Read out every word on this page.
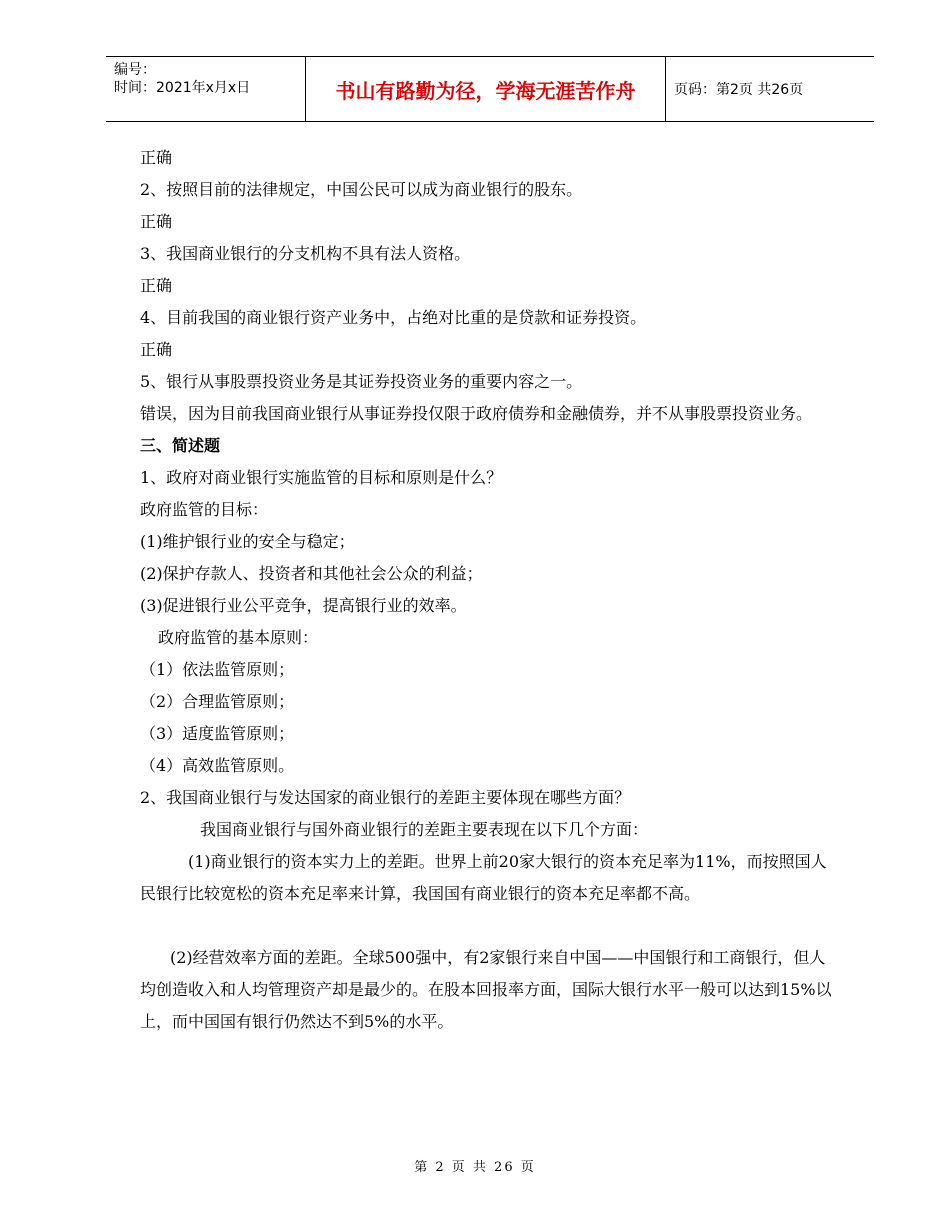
编号：
时间：2021年x月x日	书山有路勤为径，学海无涯苦作舟	页码：第2页 共26页

正确

2、按照目前的法律规定，中国公民可以成为商业银行的股东。

正确

3、我国商业银行的分支机构不具有法人资格。

正确

4、目前我国的商业银行资产业务中，占绝对比重的是贷款和证券投资。

正确

5、银行从事股票投资业务是其证券投资业务的重要内容之一。

错误，因为目前我国商业银行从事证券投仅限于政府债券和金融债券，并不从事股票投资业务。

三、简述题

1、政府对商业银行实施监管的目标和原则是什么？

政府监管的目标：

(1)维护银行业的安全与稳定；

(2)保护存款人、投资者和其他社会公众的利益；

(3)促进银行业公平竞争，提高银行业的效率。

政府监管的基本原则：

（1）依法监管原则；

（2）合理监管原则；

（3）适度监管原则；

（4）高效监管原则。

2、我国商业银行与发达国家的商业银行的差距主要体现在哪些方面？

我国商业银行与国外商业银行的差距主要表现在以下几个方面：

(1)商业银行的资本实力上的差距。世界上前20家大银行的资本充足率为11%，而按照国人民银行比较宽松的资本充足率来计算，我国国有商业银行的资本充足率都不高。

(2)经营效率方面的差距。全球500强中，有2家银行来自中国——中国银行和工商银行，但人均创造收入和人均管理资产却是最少的。在股本回报率方面，国际大银行水平一般可以达到15%以上，而中国国有银行仍然达不到5%的水平。

第 2 页 共 26 页
